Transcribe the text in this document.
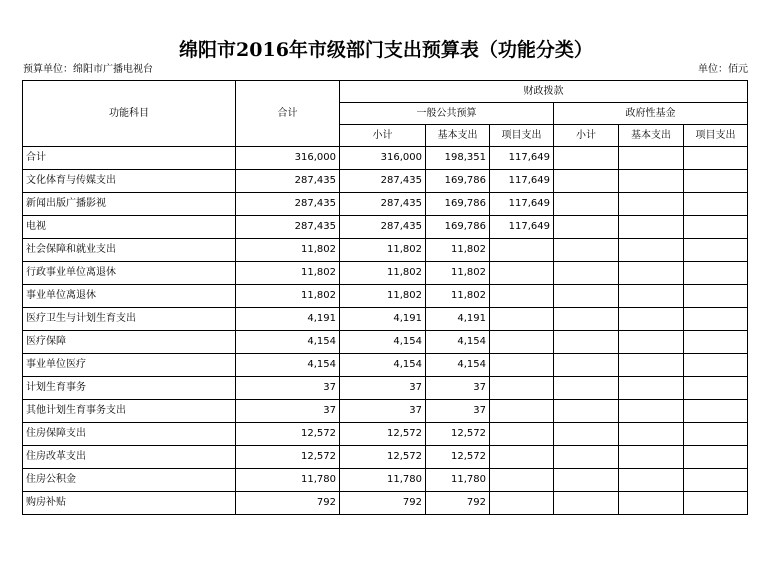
绵阳市2016年市级部门支出预算表（功能分类）
预算单位：绵阳市广播电视台	单位：佰元
功能科目	合计	财政拨款					
		一般公共预算			政府性基金		
		小计	基本支出	项目支出	小计	基本支出	项目支出
合计	316,000	316,000	198,351	117,649			
文化体育与传媒支出	287,435	287,435	169,786	117,649			
新闻出版广播影视	287,435	287,435	169,786	117,649			
电视	287,435	287,435	169,786	117,649			
社会保障和就业支出	11,802	11,802	11,802				
行政事业单位离退休	11,802	11,802	11,802				
事业单位离退休	11,802	11,802	11,802				
医疗卫生与计划生育支出	4,191	4,191	4,191				
医疗保障	4,154	4,154	4,154				
事业单位医疗	4,154	4,154	4,154				
计划生育事务	37	37	37				
其他计划生育事务支出	37	37	37				
住房保障支出	12,572	12,572	12,572				
住房改革支出	12,572	12,572	12,572				
住房公积金	11,780	11,780	11,780				
购房补贴	792	792	792				
